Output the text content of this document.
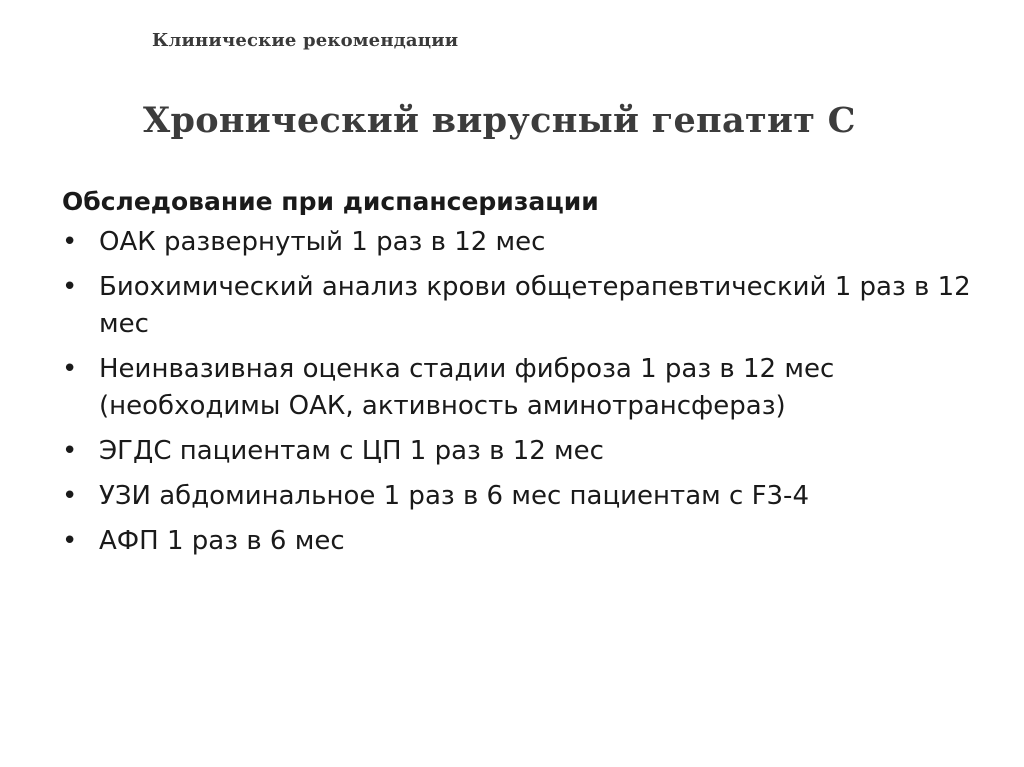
Клинические рекомендации
Хронический вирусный гепатит С
Обследование при диспансеризации
• ОАК развернутый 1 раз в 12 мес
• Биохимический анализ крови общетерапевтический 1 раз в 12 мес
• Неинвазивная оценка стадии фиброза 1 раз в 12 мес (необходимы ОАК, активность аминотрансфераз)
• ЭГДС пациентам с ЦП 1 раз в 12 мес
• УЗИ абдоминальное 1 раз в 6 мес пациентам с F3-4
• АФП 1 раз в 6 мес
